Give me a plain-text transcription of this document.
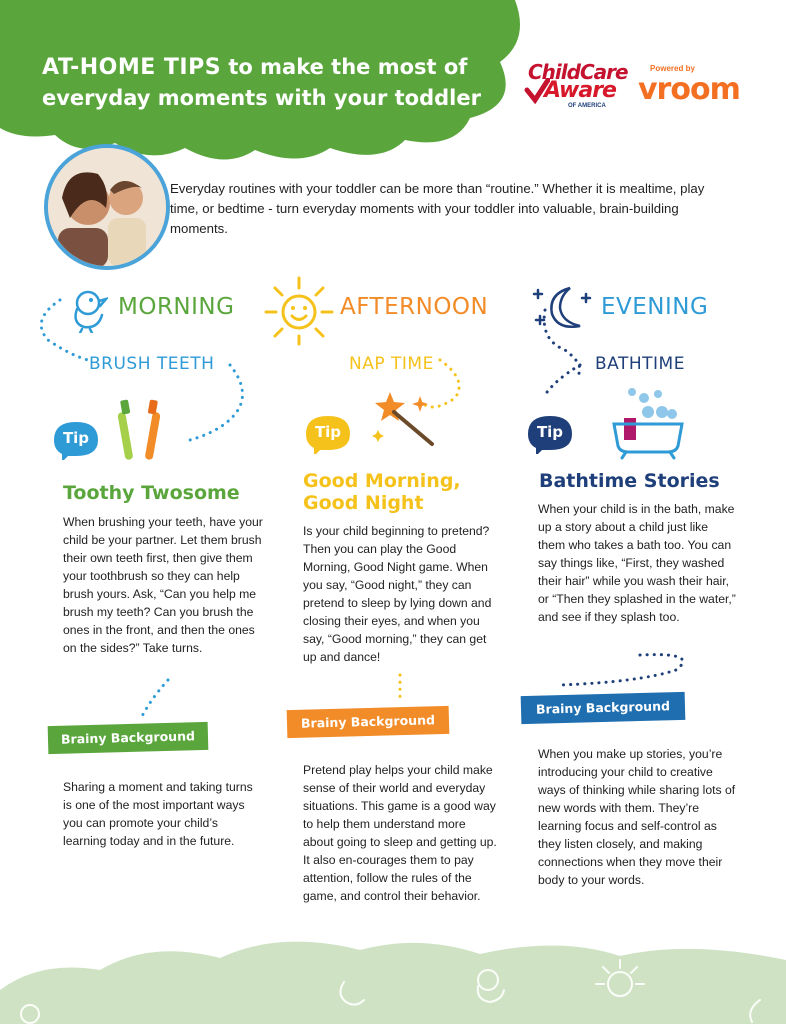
AT-HOME TIPS to make the most of
everyday moments with your toddler
ChildCare
Aware
OF AMERICA
Powered by
vroom
Everyday routines with your toddler can be more than “routine.” Whether it is mealtime, play time, or bedtime - turn everyday moments with your toddler into valuable, brain-building moments.
MORNING
BRUSH TEETH
Tip
Toothy Twosome
When brushing your teeth, have your child be your partner. Let them brush their own teeth first, then give them your toothbrush so they can help brush yours. Ask, “Can you help me brush my teeth? Can you brush the ones in the front, and then the ones on the sides?” Take turns.
Brainy Background
Sharing a moment and taking turns is one of the most important ways you can promote your child’s learning today and in the future.
AFTERNOON
NAP TIME
Tip
Good Morning,
Good Night
Is your child beginning to pretend? Then you can play the Good Morning, Good Night game. When you say, “Good night,” they can pretend to sleep by lying down and closing their eyes, and when you say, “Good morning,” they can get up and dance!
Brainy Background
Pretend play helps your child make sense of their world and everyday situations. This game is a good way to help them understand more about going to sleep and getting up. It also en-courages them to pay attention, follow the rules of the game, and control their behavior.
EVENING
BATHTIME
Tip
Bathtime Stories
When your child is in the bath, make up a story about a child just like them who takes a bath too. You can say things like, “First, they washed their hair” while you wash their hair, or “Then they splashed in the water,” and see if they splash too.
Brainy Background
When you make up stories, you’re introducing your child to creative ways of thinking while sharing lots of new words with them. They’re learning focus and self-control as they listen closely, and making connections when they move their body to your words.
